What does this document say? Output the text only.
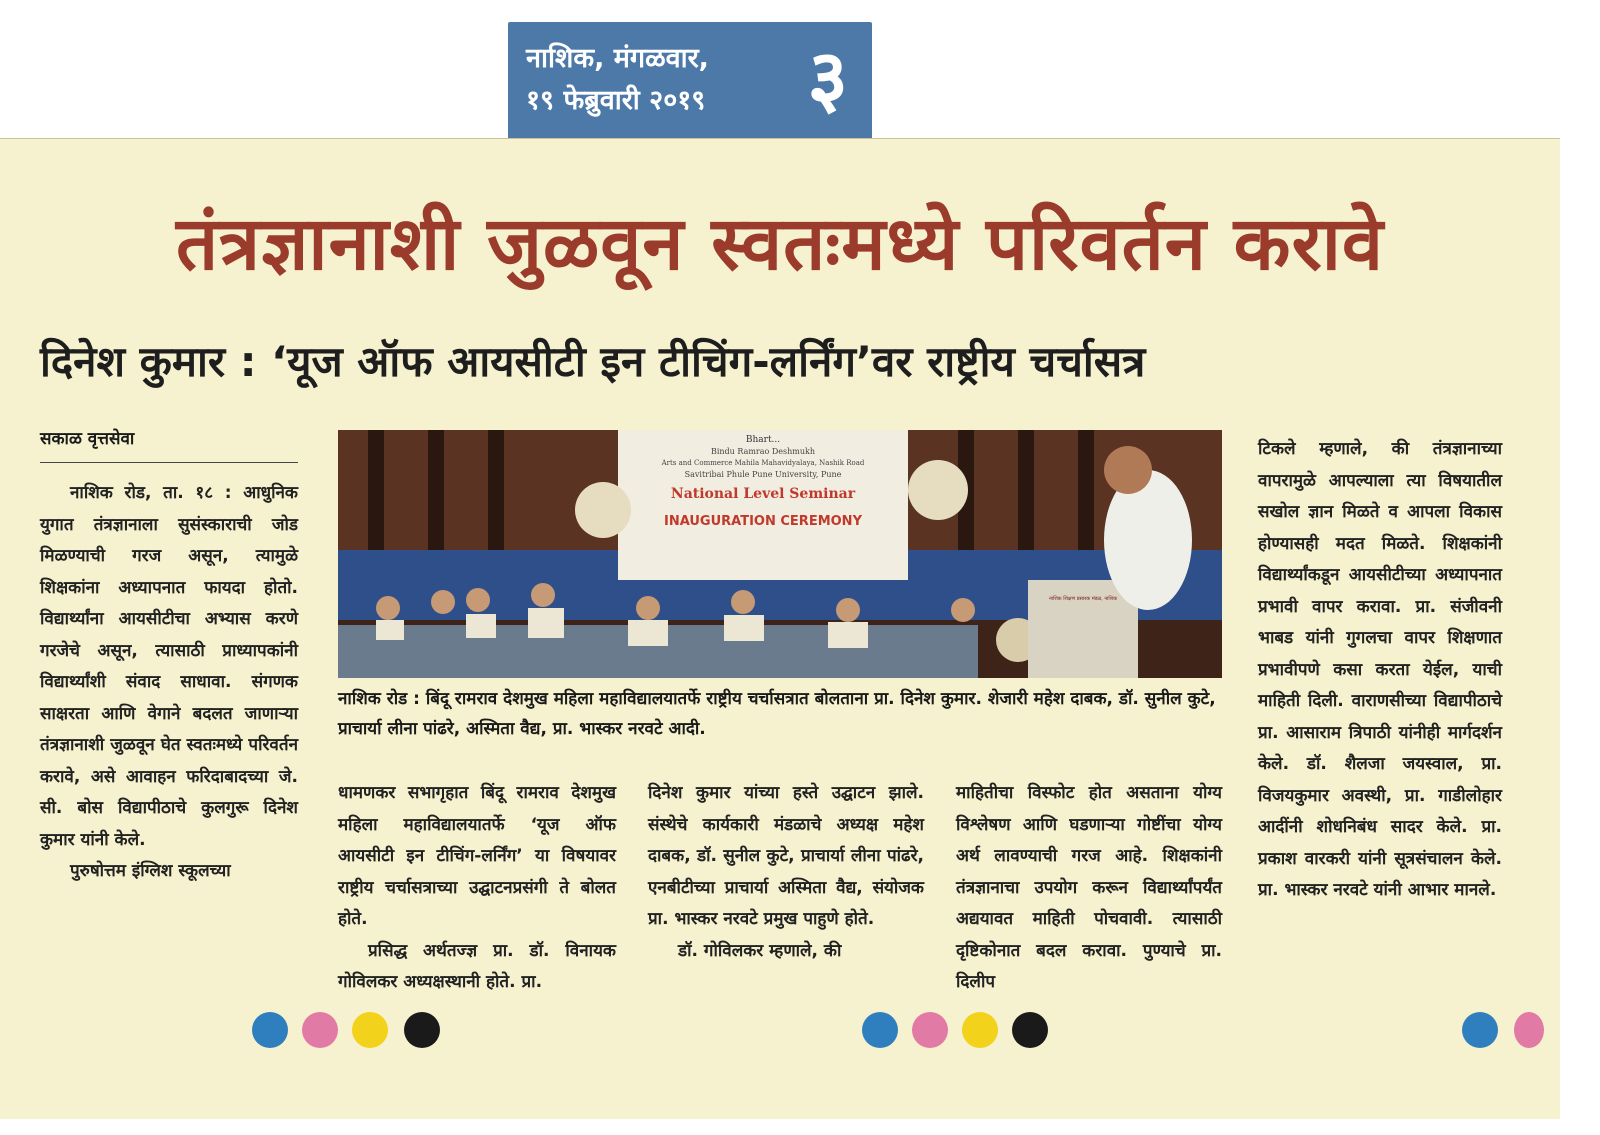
नाशिक, मंगळवार,
१९ फेब्रुवारी २०१९ ३
तंत्रज्ञानाशी जुळवून स्वतःमध्ये परिवर्तन करावे
दिनेश कुमार : ‘यूज ऑफ आयसीटी इन टीचिंग-लर्निंग’वर राष्ट्रीय चर्चासत्र
सकाळ वृत्तसेवा
नाशिक रोड, ता. १८ : आधुनिक युगात तंत्रज्ञानाला सुसंस्काराची जोड मिळण्याची गरज असून, त्यामुळे शिक्षकांना अध्यापनात फायदा होतो. विद्यार्थ्यांना आयसीटीचा अभ्यास करणे गरजेचे असून, त्यासाठी प्राध्यापकांनी विद्यार्थ्यांशी संवाद साधावा. संगणक साक्षरता आणि वेगाने बदलत जाणाऱ्या तंत्रज्ञानाशी जुळवून घेत स्वतःमध्ये परिवर्तन करावे, असे आवाहन फरिदाबादच्या जे. सी. बोस विद्यापीठाचे कुलगुरू दिनेश कुमार यांनी केले.
पुरुषोत्तम इंग्लिश स्कूलच्या
Bhart...
Bindu Ramrao Deshmukh
Arts and Commerce Mahila Mahavidyalaya, Nashik Road
Savitribai Phule Pune University, Pune
National Level Seminar
INAUGURATION CEREMONY
नाशिक शिक्षण प्रसारक मंडळ, नाशिक
नाशिक रोड : बिंदू रामराव देशमुख महिला महाविद्यालयातर्फे राष्ट्रीय चर्चासत्रात बोलताना प्रा. दिनेश कुमार. शेजारी महेश दाबक, डॉ. सुनील कुटे, प्राचार्या लीना पांढरे, अस्मिता वैद्य, प्रा. भास्कर नरवटे आदी.
धामणकर सभागृहात बिंदू रामराव देशमुख महिला महाविद्यालयातर्फे ‘यूज ऑफ आयसीटी इन टीचिंग-लर्निंग’ या विषयावर राष्ट्रीय चर्चासत्राच्या उद्घाटनप्रसंगी ते बोलत होते.
प्रसिद्ध अर्थतज्ज्ञ प्रा. डॉ. विनायक गोविलकर अध्यक्षस्थानी होते. प्रा.
दिनेश कुमार यांच्या हस्ते उद्घाटन झाले. संस्थेचे कार्यकारी मंडळाचे अध्यक्ष महेश दाबक, डॉ. सुनील कुटे, प्राचार्या लीना पांढरे, एनबीटीच्या प्राचार्या अस्मिता वैद्य, संयोजक प्रा. भास्कर नरवटे प्रमुख पाहुणे होते.
डॉ. गोविलकर म्हणाले, की
माहितीचा विस्फोट होत असताना योग्य विश्लेषण आणि घडणाऱ्या गोष्टींचा योग्य अर्थ लावण्याची गरज आहे. शिक्षकांनी तंत्रज्ञानाचा उपयोग करून विद्यार्थ्यांपर्यंत अद्ययावत माहिती पोचवावी. त्यासाठी दृष्टिकोनात बदल करावा. पुण्याचे प्रा. दिलीप
टिकले म्हणाले, की तंत्रज्ञानाच्या वापरामुळे आपल्याला त्या विषयातील सखोल ज्ञान मिळते व आपला विकास होण्यासही मदत मिळते. शिक्षकांनी विद्यार्थ्यांकडून आयसीटीच्या अध्यापनात प्रभावी वापर करावा. प्रा. संजीवनी भाबड यांनी गुगलचा वापर शिक्षणात प्रभावीपणे कसा करता येईल, याची माहिती दिली. वाराणसीच्या विद्यापीठाचे प्रा. आसाराम त्रिपाठी यांनीही मार्गदर्शन केले. डॉ. शैलजा जयस्वाल, प्रा. विजयकुमार अवस्थी, प्रा. गाडीलोहार आदींनी शोधनिबंध सादर केले. प्रा. प्रकाश वारकरी यांनी सूत्रसंचालन केले. प्रा. भास्कर नरवटे यांनी आभार मानले.
